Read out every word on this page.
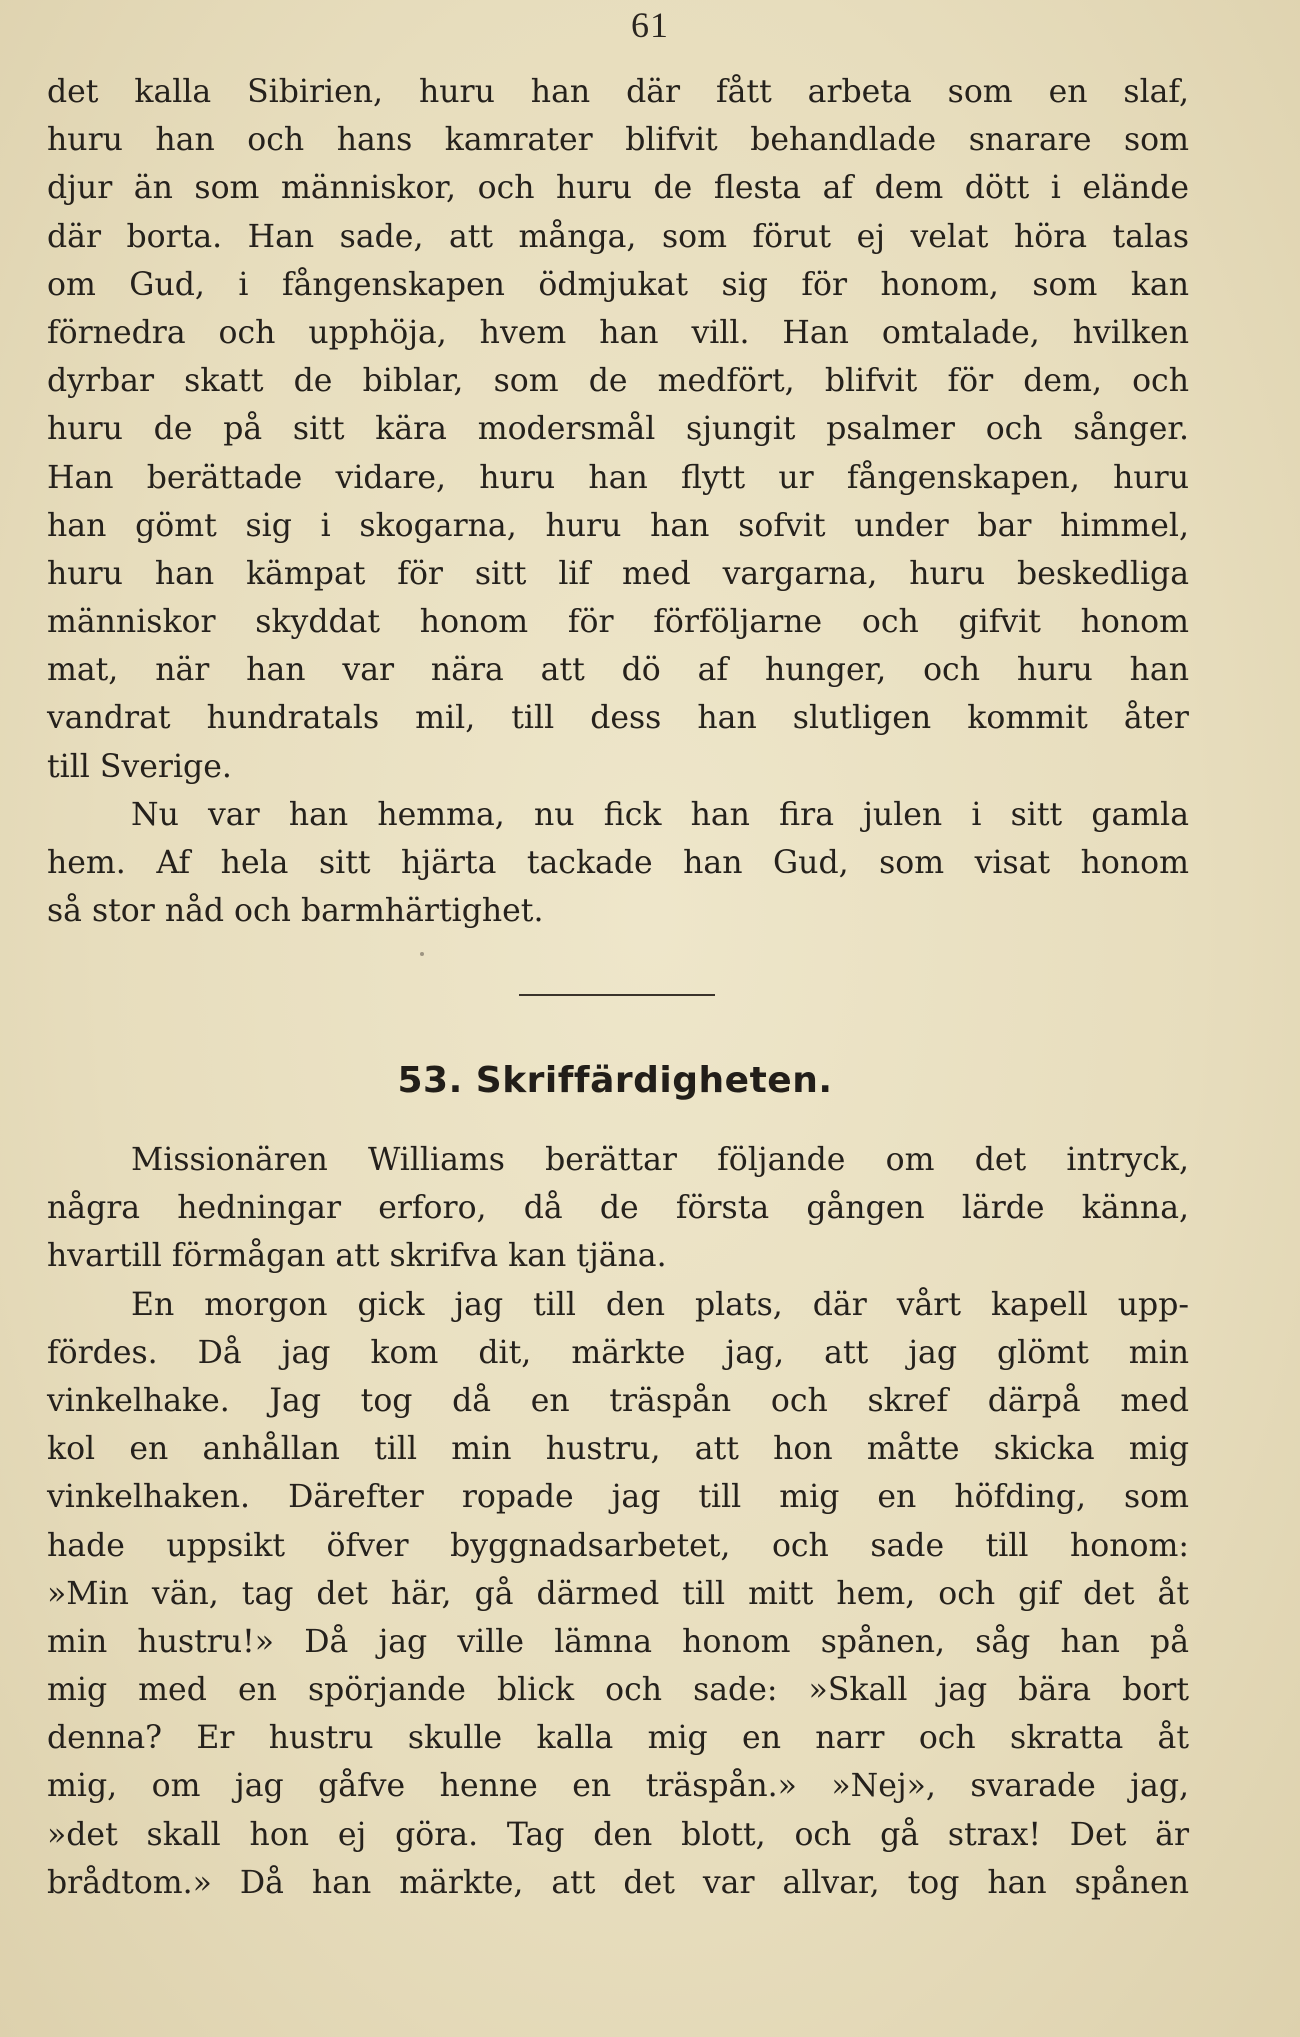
61
det kalla Sibirien, huru han där fått arbeta som en slaf,
huru han och hans kamrater blifvit behandlade snarare som
djur än som människor, och huru de flesta af dem dött i elände
där borta. Han sade, att många, som förut ej velat höra talas
om Gud, i fångenskapen ödmjukat sig för honom, som kan
förnedra och upphöja, hvem han vill. Han omtalade, hvilken
dyrbar skatt de biblar, som de medfört, blifvit för dem, och
huru de på sitt kära modersmål sjungit psalmer och sånger.
Han berättade vidare, huru han flytt ur fångenskapen, huru
han gömt sig i skogarna, huru han sofvit under bar himmel,
huru han kämpat för sitt lif med vargarna, huru beskedliga
människor skyddat honom för förföljarne och gifvit honom
mat, när han var nära att dö af hunger, och huru han
vandrat hundratals mil, till dess han slutligen kommit åter
till Sverige.
Nu var han hemma, nu fick han fira julen i sitt gamla
hem. Af hela sitt hjärta tackade han Gud, som visat honom
så stor nåd och barmhärtighet.
53. Skriffärdigheten.
Missionären Williams berättar följande om det intryck,
några hedningar erforo, då de första gången lärde känna,
hvartill förmågan att skrifva kan tjäna.
En morgon gick jag till den plats, där vårt kapell upp-
fördes. Då jag kom dit, märkte jag, att jag glömt min
vinkelhake. Jag tog då en träspån och skref därpå med
kol en anhållan till min hustru, att hon måtte skicka mig
vinkelhaken. Därefter ropade jag till mig en höfding, som
hade uppsikt öfver byggnadsarbetet, och sade till honom:
»Min vän, tag det här, gå därmed till mitt hem, och gif det åt
min hustru!» Då jag ville lämna honom spånen, såg han på
mig med en spörjande blick och sade: »Skall jag bära bort
denna? Er hustru skulle kalla mig en narr och skratta åt
mig, om jag gåfve henne en träspån.» »Nej», svarade jag,
»det skall hon ej göra. Tag den blott, och gå strax! Det är
brådtom.» Då han märkte, att det var allvar, tog han spånen
